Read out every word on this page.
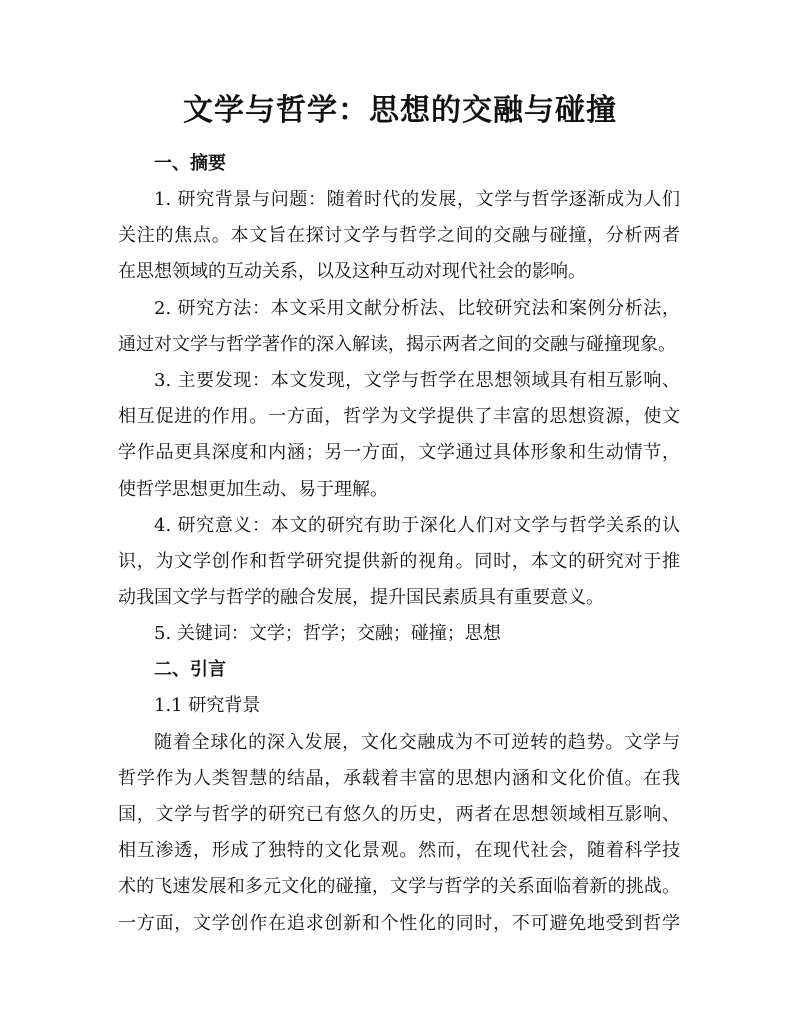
文学与哲学：思想的交融与碰撞
一、摘要
1. 研究背景与问题：随着时代的发展，文学与哲学逐渐成为人们
关注的焦点。本文旨在探讨文学与哲学之间的交融与碰撞，分析两者
在思想领域的互动关系，以及这种互动对现代社会的影响。
2. 研究方法：本文采用文献分析法、比较研究法和案例分析法，
通过对文学与哲学著作的深入解读，揭示两者之间的交融与碰撞现象。
3. 主要发现：本文发现，文学与哲学在思想领域具有相互影响、
相互促进的作用。一方面，哲学为文学提供了丰富的思想资源，使文
学作品更具深度和内涵；另一方面，文学通过具体形象和生动情节，
使哲学思想更加生动、易于理解。
4. 研究意义：本文的研究有助于深化人们对文学与哲学关系的认
识，为文学创作和哲学研究提供新的视角。同时，本文的研究对于推
动我国文学与哲学的融合发展，提升国民素质具有重要意义。
5. 关键词：文学；哲学；交融；碰撞；思想
二、引言
1.1 研究背景
随着全球化的深入发展，文化交融成为不可逆转的趋势。文学与
哲学作为人类智慧的结晶，承载着丰富的思想内涵和文化价值。在我
国，文学与哲学的研究已有悠久的历史，两者在思想领域相互影响、
相互渗透，形成了独特的文化景观。然而，在现代社会，随着科学技
术的飞速发展和多元文化的碰撞，文学与哲学的关系面临着新的挑战。
一方面，文学创作在追求创新和个性化的同时，不可避免地受到哲学
